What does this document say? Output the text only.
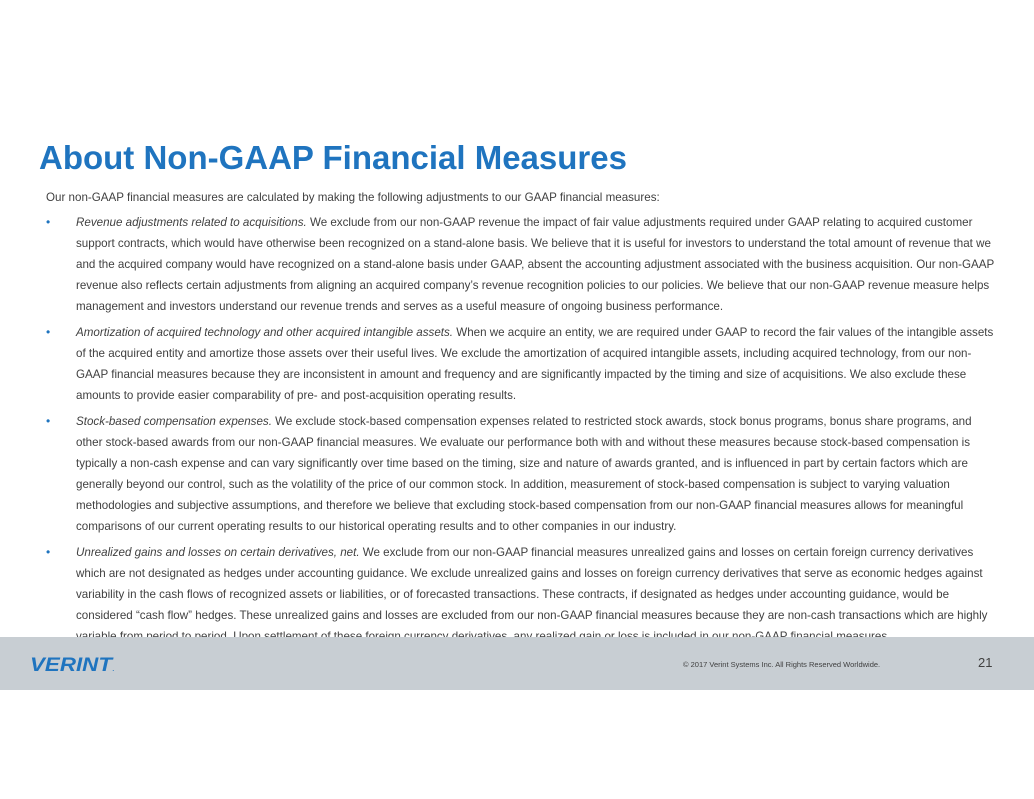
About Non-GAAP Financial Measures
Our non-GAAP financial measures are calculated by making the following adjustments to our GAAP financial measures:
• Revenue adjustments related to acquisitions. We exclude from our non-GAAP revenue the impact of fair value adjustments required under GAAP relating to acquired customer support contracts, which would have otherwise been recognized on a stand-alone basis. We believe that it is useful for investors to understand the total amount of revenue that we and the acquired company would have recognized on a stand-alone basis under GAAP, absent the accounting adjustment associated with the business acquisition. Our non-GAAP revenue also reflects certain adjustments from aligning an acquired company’s revenue recognition policies to our policies. We believe that our non-GAAP revenue measure helps management and investors understand our revenue trends and serves as a useful measure of ongoing business performance.
• Amortization of acquired technology and other acquired intangible assets. When we acquire an entity, we are required under GAAP to record the fair values of the intangible assets of the acquired entity and amortize those assets over their useful lives. We exclude the amortization of acquired intangible assets, including acquired technology, from our non-GAAP financial measures because they are inconsistent in amount and frequency and are significantly impacted by the timing and size of acquisitions. We also exclude these amounts to provide easier comparability of pre- and post-acquisition operating results.
• Stock-based compensation expenses. We exclude stock-based compensation expenses related to restricted stock awards, stock bonus programs, bonus share programs, and other stock-based awards from our non-GAAP financial measures. We evaluate our performance both with and without these measures because stock-based compensation is typically a non-cash expense and can vary significantly over time based on the timing, size and nature of awards granted, and is influenced in part by certain factors which are generally beyond our control, such as the volatility of the price of our common stock. In addition, measurement of stock-based compensation is subject to varying valuation methodologies and subjective assumptions, and therefore we believe that excluding stock-based compensation from our non-GAAP financial measures allows for meaningful comparisons of our current operating results to our historical operating results and to other companies in our industry.
• Unrealized gains and losses on certain derivatives, net. We exclude from our non-GAAP financial measures unrealized gains and losses on certain foreign currency derivatives which are not designated as hedges under accounting guidance. We exclude unrealized gains and losses on foreign currency derivatives that serve as economic hedges against variability in the cash flows of recognized assets or liabilities, or of forecasted transactions. These contracts, if designated as hedges under accounting guidance, would be considered “cash flow” hedges. These unrealized gains and losses are excluded from our non-GAAP financial measures because they are non-cash transactions which are highly
VERINT
.	© 2017 Verint Systems Inc. All Rights Reserved Worldwide.	21
